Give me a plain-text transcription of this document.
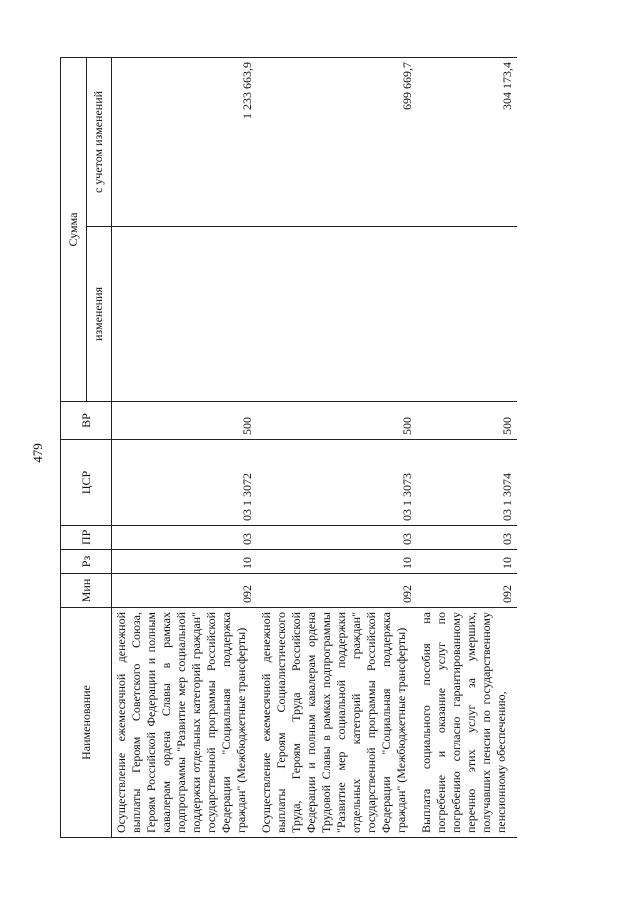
479
Наименование	Мин	Рз	ПР	ЦСР	ВР	Сумма	
						изменения	с учетом изменений
Осуществление ежемесячной денежной выплаты Героям Советского Союза, Героям Российской Федерации и полным кавалерам ордена Славы в рамках подпрограммы "Развитие мер социальной поддержки отдельных категорий граждан" государственной программы Российской Федерации "Социальная поддержка граждан" (Межбюджетные трансферты)	092	10	03	03 1 3072	500		1 233 663,9
Осуществление ежемесячной денежной выплаты Героям Социалистического Труда, Героям Труда Российской Федерации и полным кавалерам ордена Трудовой Славы в рамках подпрограммы "Развитие мер социальной поддержки отдельных категорий граждан" государственной программы Российской Федерации "Социальная поддержка граждан" (Межбюджетные трансферты)	092	10	03	03 1 3073	500		699 669,7
Выплата социального пособия на погребение и оказание услуг по погребению согласно гарантированному перечню этих услуг за умерших, получавших пенсии по государственному пенсионному обеспечению,	092	10	03	03 1 3074	500		304 173,4
